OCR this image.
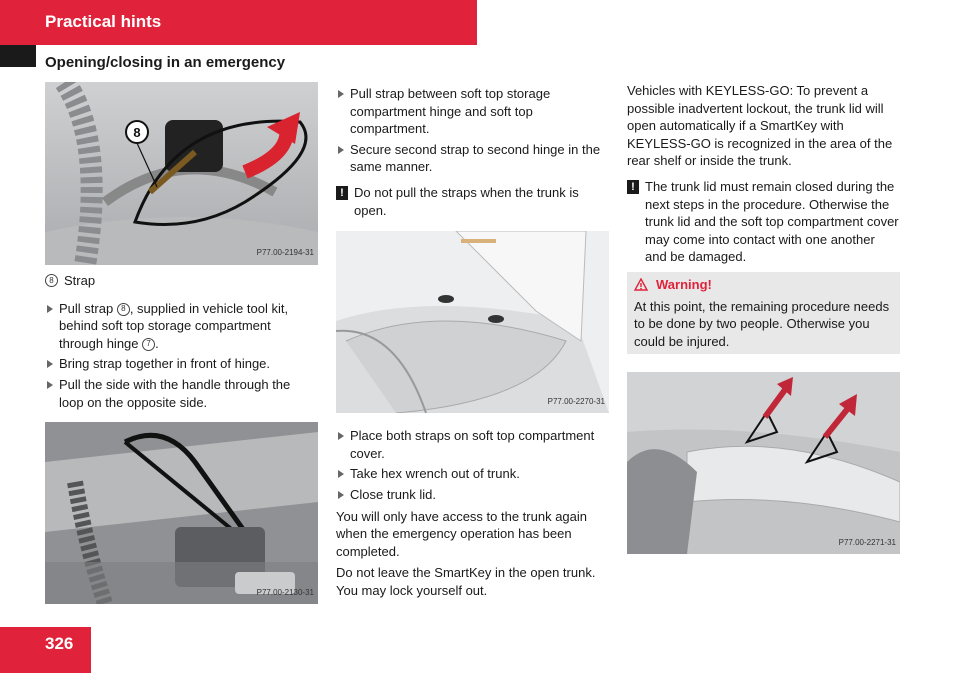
Practical hints
Opening/closing in an emergency
8
P77.00-2194-31
8 Strap
Pull strap 8 , supplied in vehicle tool kit, behind soft top storage compartment through hinge 7 .
Bring strap together in front of hinge.
Pull the side with the handle through the loop on the opposite side.
P77.00-2130-31
Pull strap between soft top storage compartment hinge and soft top compartment.
Secure second strap to second hinge in the same manner.
! Do not pull the straps when the trunk is open.
P77.00-2270-31
Place both straps on soft top compartment cover.
Take hex wrench out of trunk.
Close trunk lid.

You will only have access to the trunk again when the emergency operation has been completed.

Do not leave the SmartKey in the open trunk. You may lock yourself out.

Vehicles with KEYLESS-GO: To prevent a possible inadvertent lockout, the trunk lid will open automatically if a SmartKey with KEYLESS-GO is recognized in the area of the rear shelf or inside the trunk.

! The trunk lid must remain closed during the next steps in the procedure. Otherwise the trunk lid and the soft top compartment cover may come into contact with one another and be damaged.
Warning!
At this point, the remaining procedure needs to be done by two people. Otherwise you could be injured.
P77.00-2271-31
326
